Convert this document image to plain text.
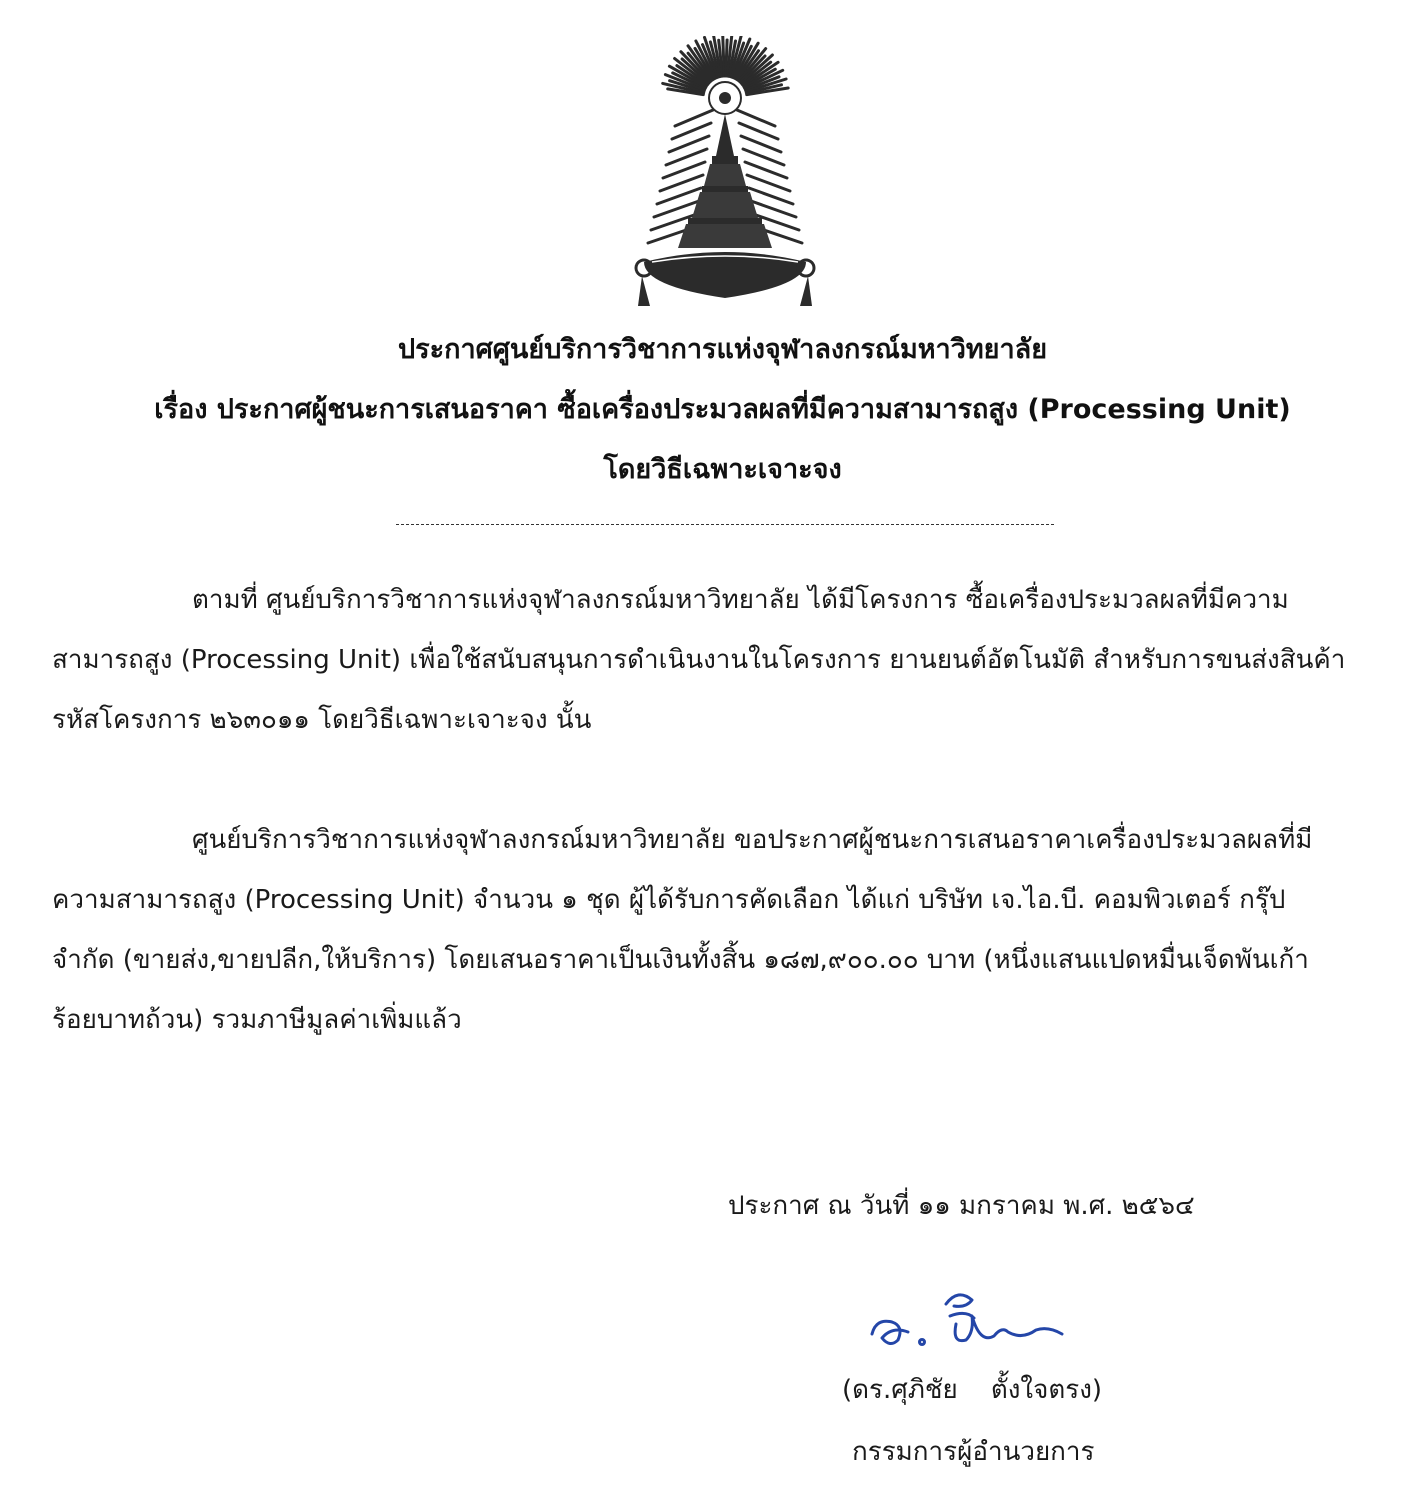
ประกาศศูนย์บริการวิชาการแห่งจุฬาลงกรณ์มหาวิทยาลัย
เรื่อง ประกาศผู้ชนะการเสนอราคา ซื้อเครื่องประมวลผลที่มีความสามารถสูง (Processing Unit)
โดยวิธีเฉพาะเจาะจง
ตามที่ ศูนย์บริการวิชาการแห่งจุฬาลงกรณ์มหาวิทยาลัย ได้มีโครงการ ซื้อเครื่องประมวลผลที่มีความ
สามารถสูง (Processing Unit) เพื่อใช้สนับสนุนการดำเนินงานในโครงการ ยานยนต์อัตโนมัติ สำหรับการขนส่งสินค้า
รหัสโครงการ ๒๖๓๐๑๑ โดยวิธีเฉพาะเจาะจง นั้น
ศูนย์บริการวิชาการแห่งจุฬาลงกรณ์มหาวิทยาลัย ขอประกาศผู้ชนะการเสนอราคาเครื่องประมวลผลที่มี
ความสามารถสูง (Processing Unit) จำนวน ๑ ชุด ผู้ได้รับการคัดเลือก ได้แก่ บริษัท เจ.ไอ.บี. คอมพิวเตอร์ กรุ๊ป
จำกัด (ขายส่ง,ขายปลีก,ให้บริการ) โดยเสนอราคาเป็นเงินทั้งสิ้น ๑๘๗,๙๐๐.๐๐ บาท (หนึ่งแสนแปดหมื่นเจ็ดพันเก้า
ร้อยบาทถ้วน) รวมภาษีมูลค่าเพิ่มแล้ว
ประกาศ ณ วันที่ ๑๑ มกราคม พ.ศ. ๒๕๖๔
(ดร.ศุภิชัย    ตั้งใจตรง)
กรรมการผู้อำนวยการ
